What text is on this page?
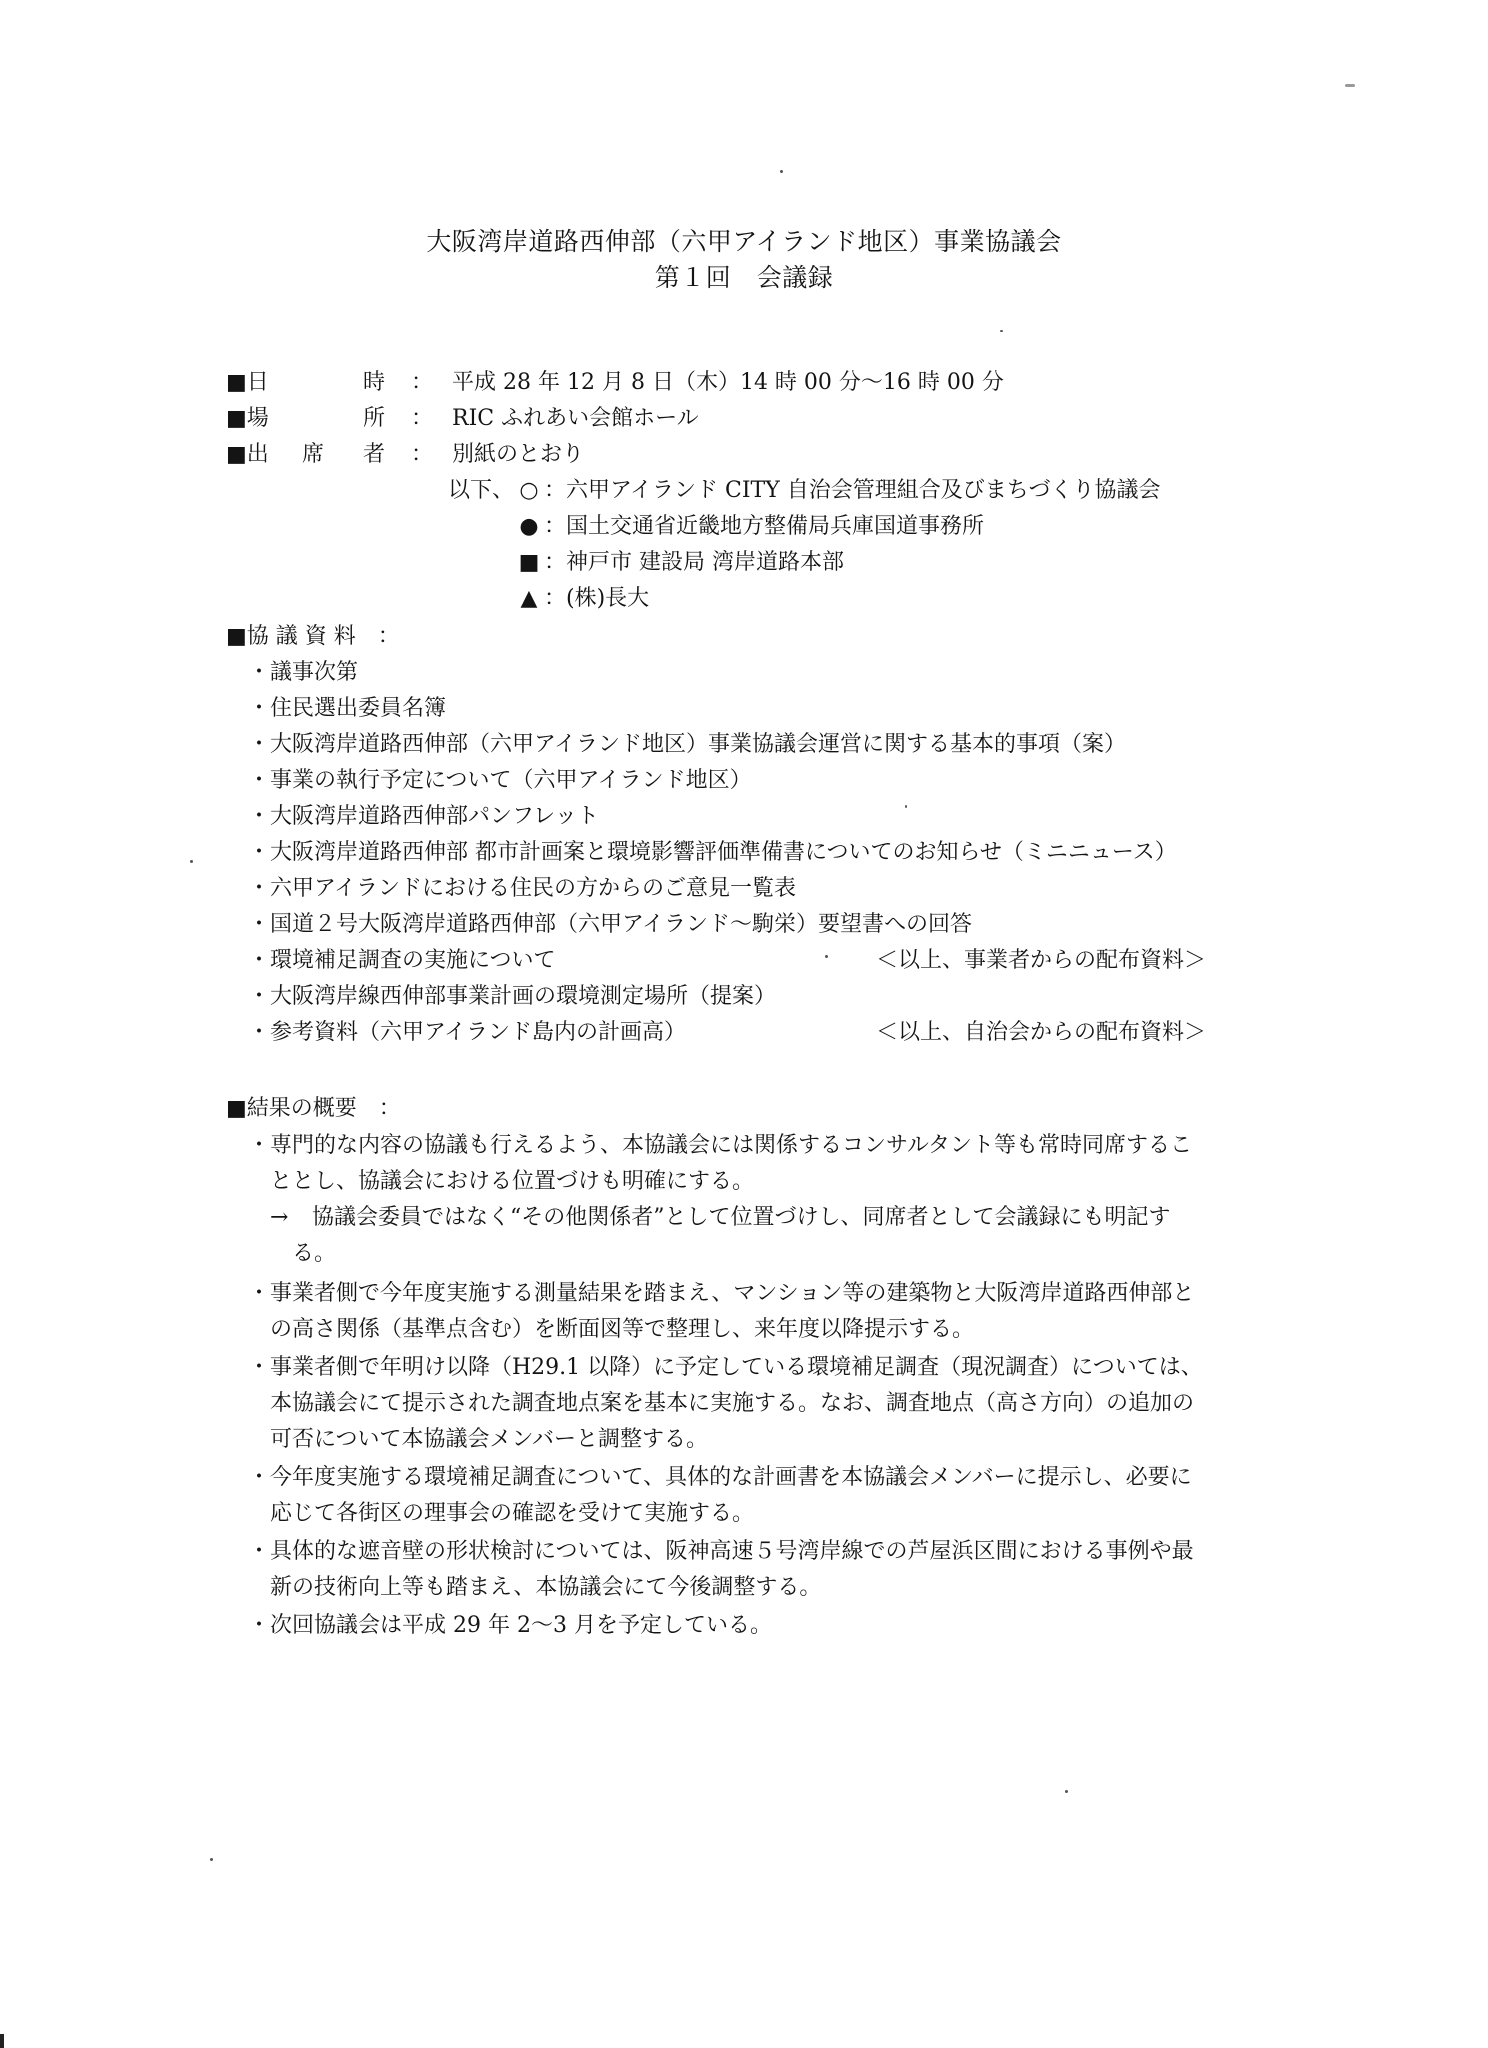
大阪湾岸道路西伸部（六甲アイランド地区）事業協議会
第１回　会議録
■日	時 ： 平成 28 年 12 月 8 日（木）14 時 00 分～16 時 00 分
■場	所 ： RIC ふれあい会館ホール
■出 席 者 ： 別紙のとおり
以下、 ○ ：六甲アイランド CITY 自治会管理組合及びまちづくり協議会
● ：国土交通省近畿地方整備局兵庫国道事務所
■ ：神戸市 建設局 湾岸道路本部
▲ ：(株)長大
■協 議 資 料　：
・議事次第
・住民選出委員名簿
・大阪湾岸道路西伸部（六甲アイランド地区）事業協議会運営に関する基本的事項（案）
・事業の執行予定について（六甲アイランド地区）
・大阪湾岸道路西伸部パンフレット
・大阪湾岸道路西伸部 都市計画案と環境影響評価準備書についてのお知らせ（ミニニュース）
・六甲アイランドにおける住民の方からのご意見一覧表
・国道２号大阪湾岸道路西伸部（六甲アイランド～駒栄）要望書への回答
・環境補足調査の実施について	＜以上、事業者からの配布資料＞
・大阪湾岸線西伸部事業計画の環境測定場所（提案）
・参考資料（六甲アイランド島内の計画高）	＜以上、自治会からの配布資料＞
■結果の概要　：
・ 専門的な内容の協議も行えるよう、本協議会には関係するコンサルタント等も常時同席するこ
ととし、協議会における位置づけも明確にする。
→ 協議会委員ではなく“その他関係者”として位置づけし、同席者として会議録にも明記す
る。
・ 事業者側で今年度実施する測量結果を踏まえ、マンション等の建築物と大阪湾岸道路西伸部と
の高さ関係（基準点含む）を断面図等で整理し、来年度以降提示する。
・ 事業者側で年明け以降（H29.1 以降）に予定している環境補足調査（現況調査）については、
本協議会にて提示された調査地点案を基本に実施する。なお、調査地点（高さ方向）の追加の
可否について本協議会メンバーと調整する。
・ 今年度実施する環境補足調査について、具体的な計画書を本協議会メンバーに提示し、必要に
応じて各街区の理事会の確認を受けて実施する。
・ 具体的な遮音壁の形状検討については、阪神高速５号湾岸線での芦屋浜区間における事例や最
新の技術向上等も踏まえ、本協議会にて今後調整する。
・ 次回協議会は平成 29 年 2～3 月を予定している。
